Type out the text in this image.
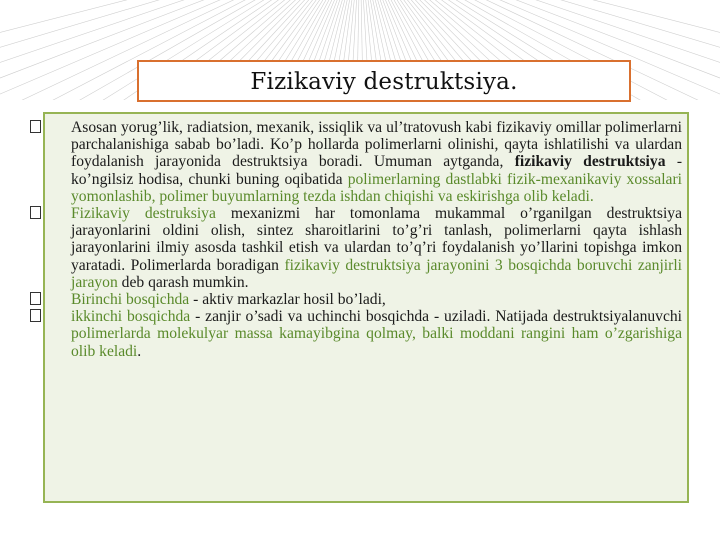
Fizikaviy destruktsiya.

Asosan yorug’lik, radiatsion, mexanik, issiqlik va ul’tratovush kabi fizikaviy omillar polimerlarni parchalanishiga sabab bo’ladi. Ko’p hollarda polimerlarni olinishi, qayta ishlatilishi va ulardan foydalanish jarayonida destruktsiya boradi. Umuman aytganda, fizikaviy destruktsiya - ko’ngilsiz hodisa, chunki buning oqibatida polimerlarning dastlabki fizik-mexanikaviy xossalari yomonlashib, polimer buyumlarning tezda ishdan chiqishi va eskirishga olib keladi.

Fizikaviy destruksiya mexanizmi har tomonlama mukammal o’rganilgan destruktsiya jarayonlarini oldini olish, sintez sharoitlarini to’g’ri tanlash, polimerlarni qayta ishlash jarayonlarini ilmiy asosda tashkil etish va ulardan to’q’ri foydalanish yo’llarini topishga imkon yaratadi. Polimerlarda boradigan fizikaviy destruktsiya jarayonini 3 bosqichda boruvchi zanjirli jarayon deb qarash mumkin.

Birinchi bosqichda - aktiv markazlar hosil bo’ladi,

ikkinchi bosqichda - zanjir o’sadi va uchinchi bosqichda - uziladi. Natijada destruktsiyalanuvchi polimerlarda molekulyar massa kamayibgina qolmay, balki moddani rangini ham o’zgarishiga olib keladi.
